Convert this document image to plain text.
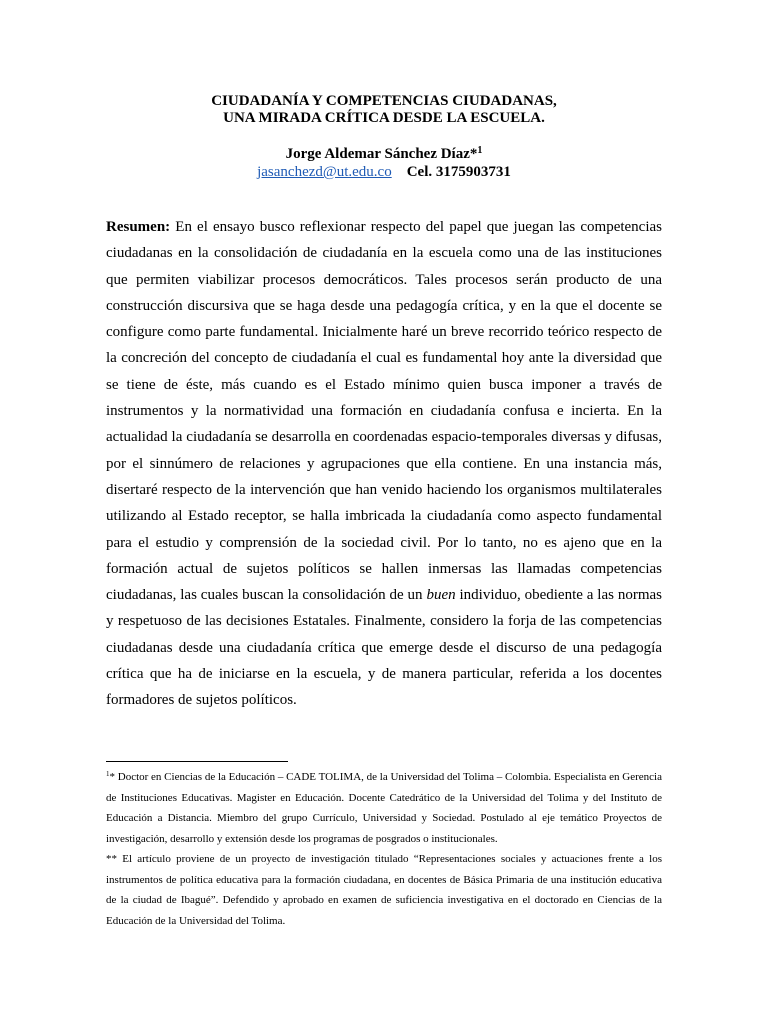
CIUDADANÍA Y COMPETENCIAS CIUDADANAS,
UNA MIRADA CRÍTICA DESDE LA ESCUELA.
Jorge Aldemar Sánchez Díaz*$^1$
jasanchezd@ut.edu.co Cel. 3175903731
Resumen: En el ensayo busco reflexionar respecto del papel que juegan las competencias ciudadanas en la consolidación de ciudadanía en la escuela como una de las instituciones que permiten viabilizar procesos democráticos. Tales procesos serán producto de una construcción discursiva que se haga desde una pedagogía crítica, y en la que el docente se configure como parte fundamental. Inicialmente haré un breve recorrido teórico respecto de la concreción del concepto de ciudadanía el cual es fundamental hoy ante la diversidad que se tiene de éste, más cuando es el Estado mínimo quien busca imponer a través de instrumentos y la normatividad una formación en ciudadanía confusa e incierta. En la actualidad la ciudadanía se desarrolla en coordenadas espacio-temporales diversas y difusas, por el sinnúmero de relaciones y agrupaciones que ella contiene. En una instancia más, disertaré respecto de la intervención que han venido haciendo los organismos multilaterales utilizando al Estado receptor, se halla imbricada la ciudadanía como aspecto fundamental para el estudio y comprensión de la sociedad civil. Por lo tanto, no es ajeno que en la formación actual de sujetos políticos se hallen inmersas las llamadas competencias ciudadanas, las cuales buscan la consolidación de un buen individuo, obediente a las normas y respetuoso de las decisiones Estatales. Finalmente, considero la forja de las competencias ciudadanas desde una ciudadanía crítica que emerge desde el discurso de una pedagogía crítica que ha de iniciarse en la escuela, y de manera particular, referida a los docentes formadores de sujetos políticos.

$^1$* Doctor en Ciencias de la Educación – CADE TOLIMA, de la Universidad del Tolima – Colombia. Especialista en Gerencia de Instituciones Educativas. Magister en Educación. Docente Catedrático de la Universidad del Tolima y del Instituto de Educación a Distancia. Miembro del grupo Currículo, Universidad y Sociedad. Postulado al eje temático Proyectos de investigación, desarrollo y extensión desde los programas de posgrados o institucionales.

** El artículo proviene de un proyecto de investigación titulado “Representaciones sociales y actuaciones frente a los instrumentos de política educativa para la formación ciudadana, en docentes de Básica Primaria de una institución educativa de la ciudad de Ibagué”. Defendido y aprobado en examen de suficiencia investigativa en el doctorado en Ciencias de la Educación de la Universidad del Tolima.
